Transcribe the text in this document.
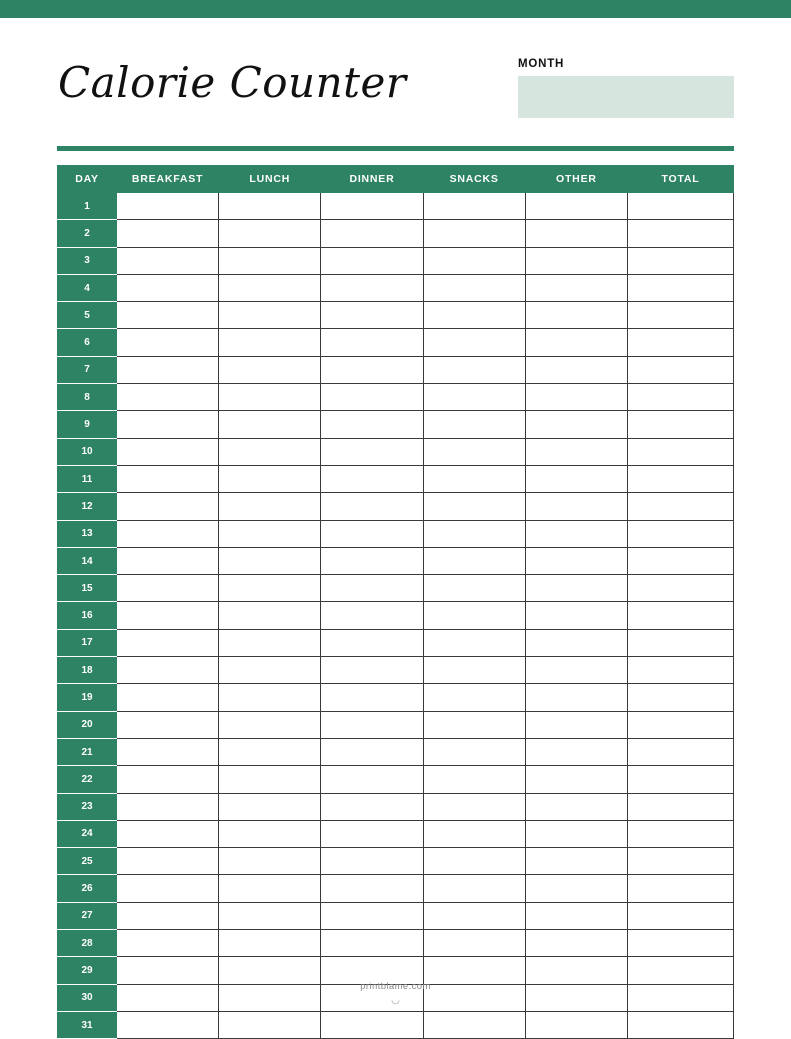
Calorie Counter	MONTH
DAY	BREAKFAST	LUNCH	DINNER	SNACKS	OTHER	TOTAL
1						
2						
3						
4						
5						
6						
7						
8						
9						
10						
11						
12						
13						
14						
15						
16						
17						
18						
19						
20						
21						
22						
23						
24						
25						
26						
27						
28						
29						
30						
31						
printblame.com
◡
